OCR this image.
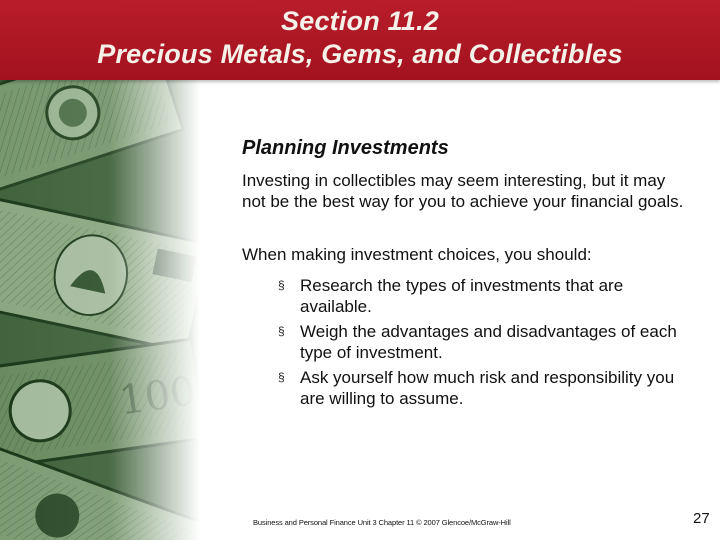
Section 11.2
Precious Metals, Gems, and Collectibles
Planning Investments
Investing in collectibles may seem interesting, but it may not be the best way for you to achieve your financial goals.
When making investment choices, you should:
§ Research the types of investments that are available.
§ Weigh the advantages and disadvantages of each type of investment.
§ Ask yourself how much risk and responsibility you are willing to assume.
Business and Personal Finance Unit 3 Chapter 11 © 2007 Glencoe/McGraw-Hill	27
